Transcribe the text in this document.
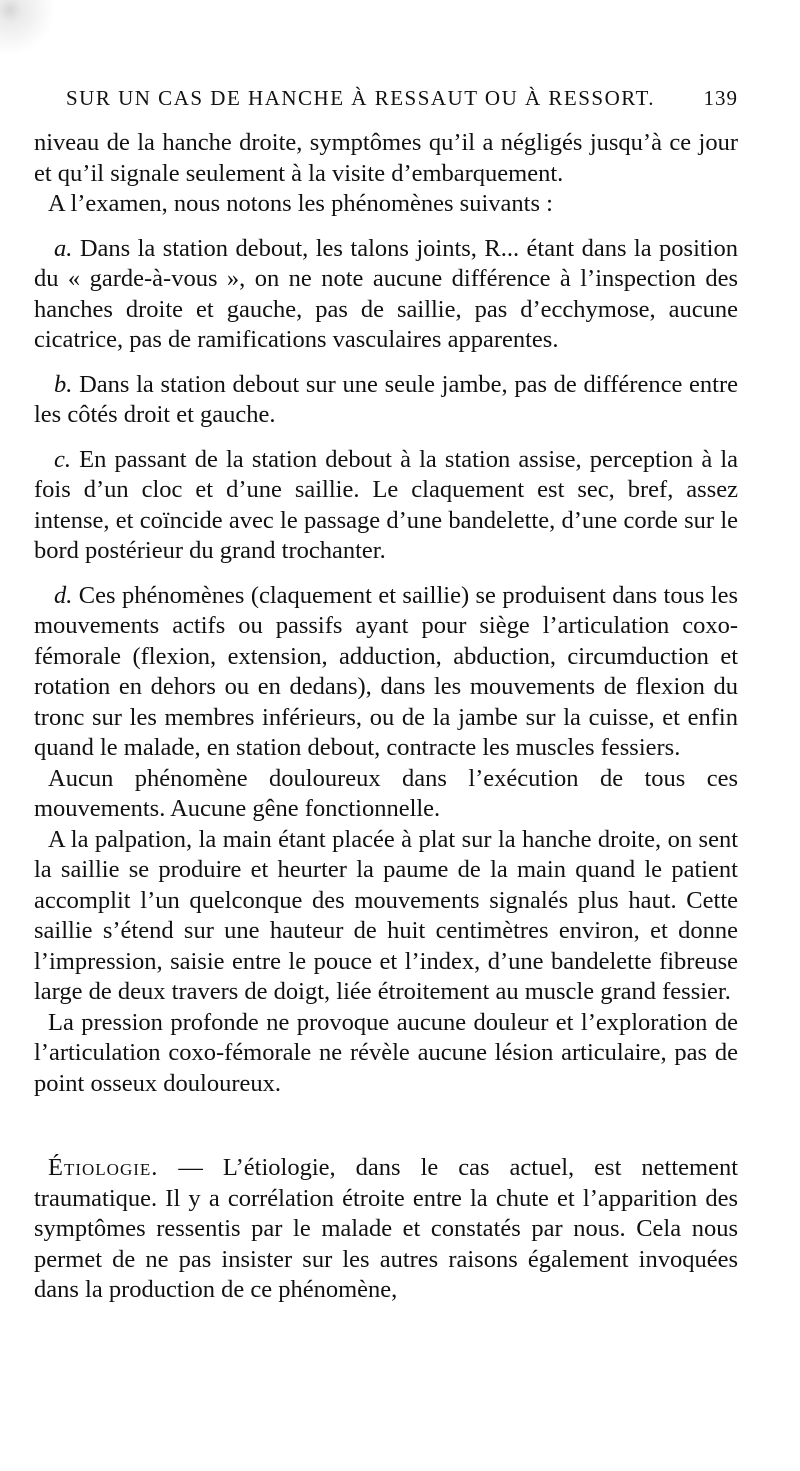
SUR UN CAS DE HANCHE À RESSAUT OU À RESSORT. 139

niveau de la hanche droite, symptômes qu’il a négligés jusqu’à ce jour et qu’il signale seulement à la visite d’embarquement.

A l’examen, nous notons les phénomènes suivants :

a. Dans la station debout, les talons joints, R... étant dans la position du « garde-à-vous », on ne note aucune différence à l’inspection des hanches droite et gauche, pas de saillie, pas d’ecchymose, aucune cicatrice, pas de ramifications vasculaires apparentes.

b. Dans la station debout sur une seule jambe, pas de différence entre les côtés droit et gauche.

c. En passant de la station debout à la station assise, perception à la fois d’un cloc et d’une saillie. Le claquement est sec, bref, assez intense, et coïncide avec le passage d’une bandelette, d’une corde sur le bord postérieur du grand trochanter.

d. Ces phénomènes (claquement et saillie) se produisent dans tous les mouvements actifs ou passifs ayant pour siège l’articulation coxo-fémorale (flexion, extension, adduction, abduction, circumduction et rotation en dehors ou en dedans), dans les mouvements de flexion du tronc sur les membres inférieurs, ou de la jambe sur la cuisse, et enfin quand le malade, en station debout, contracte les muscles fessiers.

Aucun phénomène douloureux dans l’exécution de tous ces mouvements. Aucune gêne fonctionnelle.

A la palpation, la main étant placée à plat sur la hanche droite, on sent la saillie se produire et heurter la paume de la main quand le patient accomplit l’un quelconque des mouvements signalés plus haut. Cette saillie s’étend sur une hauteur de huit centimètres environ, et donne l’impression, saisie entre le pouce et l’index, d’une bandelette fibreuse large de deux travers de doigt, liée étroitement au muscle grand fessier.

La pression profonde ne provoque aucune douleur et l’exploration de l’articulation coxo-fémorale ne révèle aucune lésion articulaire, pas de point osseux douloureux.

Étiologie. — L’étiologie, dans le cas actuel, est nettement traumatique. Il y a corrélation étroite entre la chute et l’apparition des symptômes ressentis par le malade et constatés par nous. Cela nous permet de ne pas insister sur les autres raisons également invoquées dans la production de ce phénomène,
